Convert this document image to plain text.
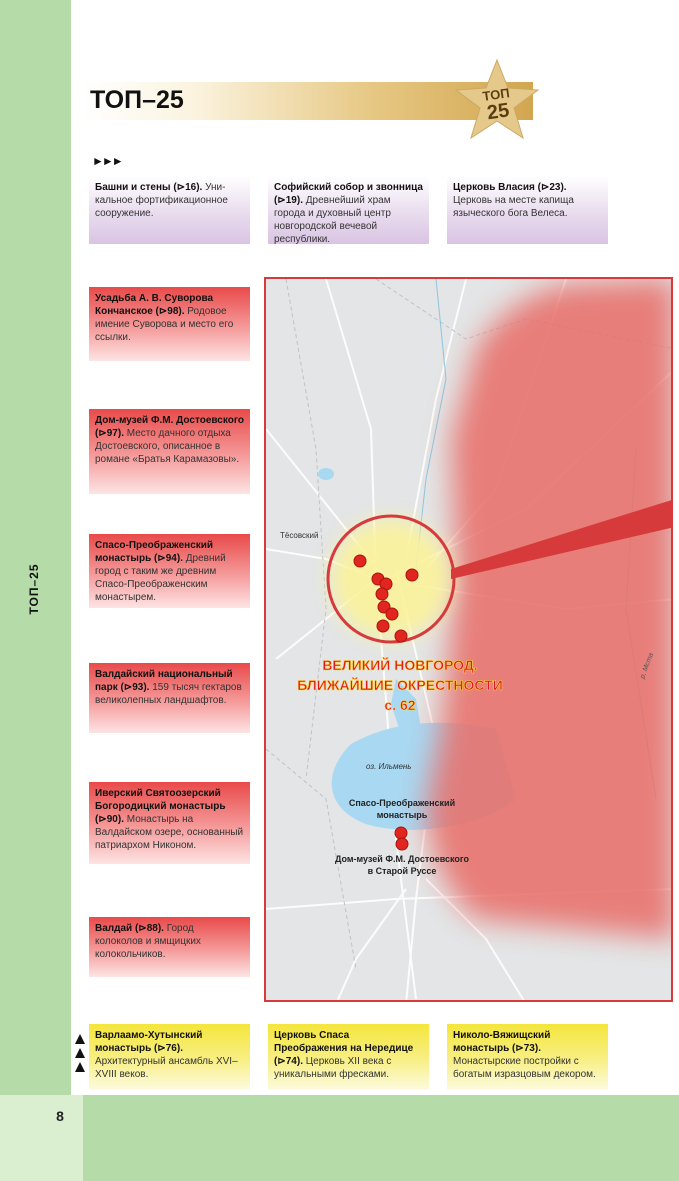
ТОП–25
8
ТОП–25	ТОП
25
►►►
Башни и стены (⊳16). Уни-кальное фортификационное сооружение.
Софийский собор и звонница (⊳19). Древнейший храм города и духовный центр новгородской вечевой республики.
Церковь Власия (⊳23). Церковь на месте капища языческого бога Велеса.
Усадьба А. В. Суворова Кончанское (⊳98). Родовое имение Суворова и место его ссылки.
Дом-музей Ф.М. Достоевского (⊳97). Место дачного отдыха Достоевского, описанное в романе «Братья Карамазовы».
Спасо-Преображенский монастырь (⊳94). Древний город с таким же древним Спасо-Преображенским монастырем.
Валдайский национальный парк (⊳93). 159 тысяч гектаров великолепных ландшафтов.
Иверский Святоозерский Богородицкий монастырь (⊳90). Монастырь на Валдайском озере, основанный патриархом Никоном.
Валдай (⊳88). Город колоколов и ямщицких колокольчиков.
Варлаамо-Хутынский монастырь (⊳76). Архитектурный ансамбль XVI–XVIII веков.
Церковь Спаса Преображения на Нередице (⊳74). Церковь XII века с уникальными фресками.
Николо-Вяжищский монастырь (⊳73). Монастырские постройки с богатым изразцовым декором.
Тёсовский
оз. Ильмень
р. Мста
ВЕЛИКИЙ НОВГОРОД.
БЛИЖАЙШИЕ ОКРЕСТНОСТИ
с. 62
Спасо-Преображенский
монастырь
Дом-музей Ф.М. Достоевского
в Старой Руссе
